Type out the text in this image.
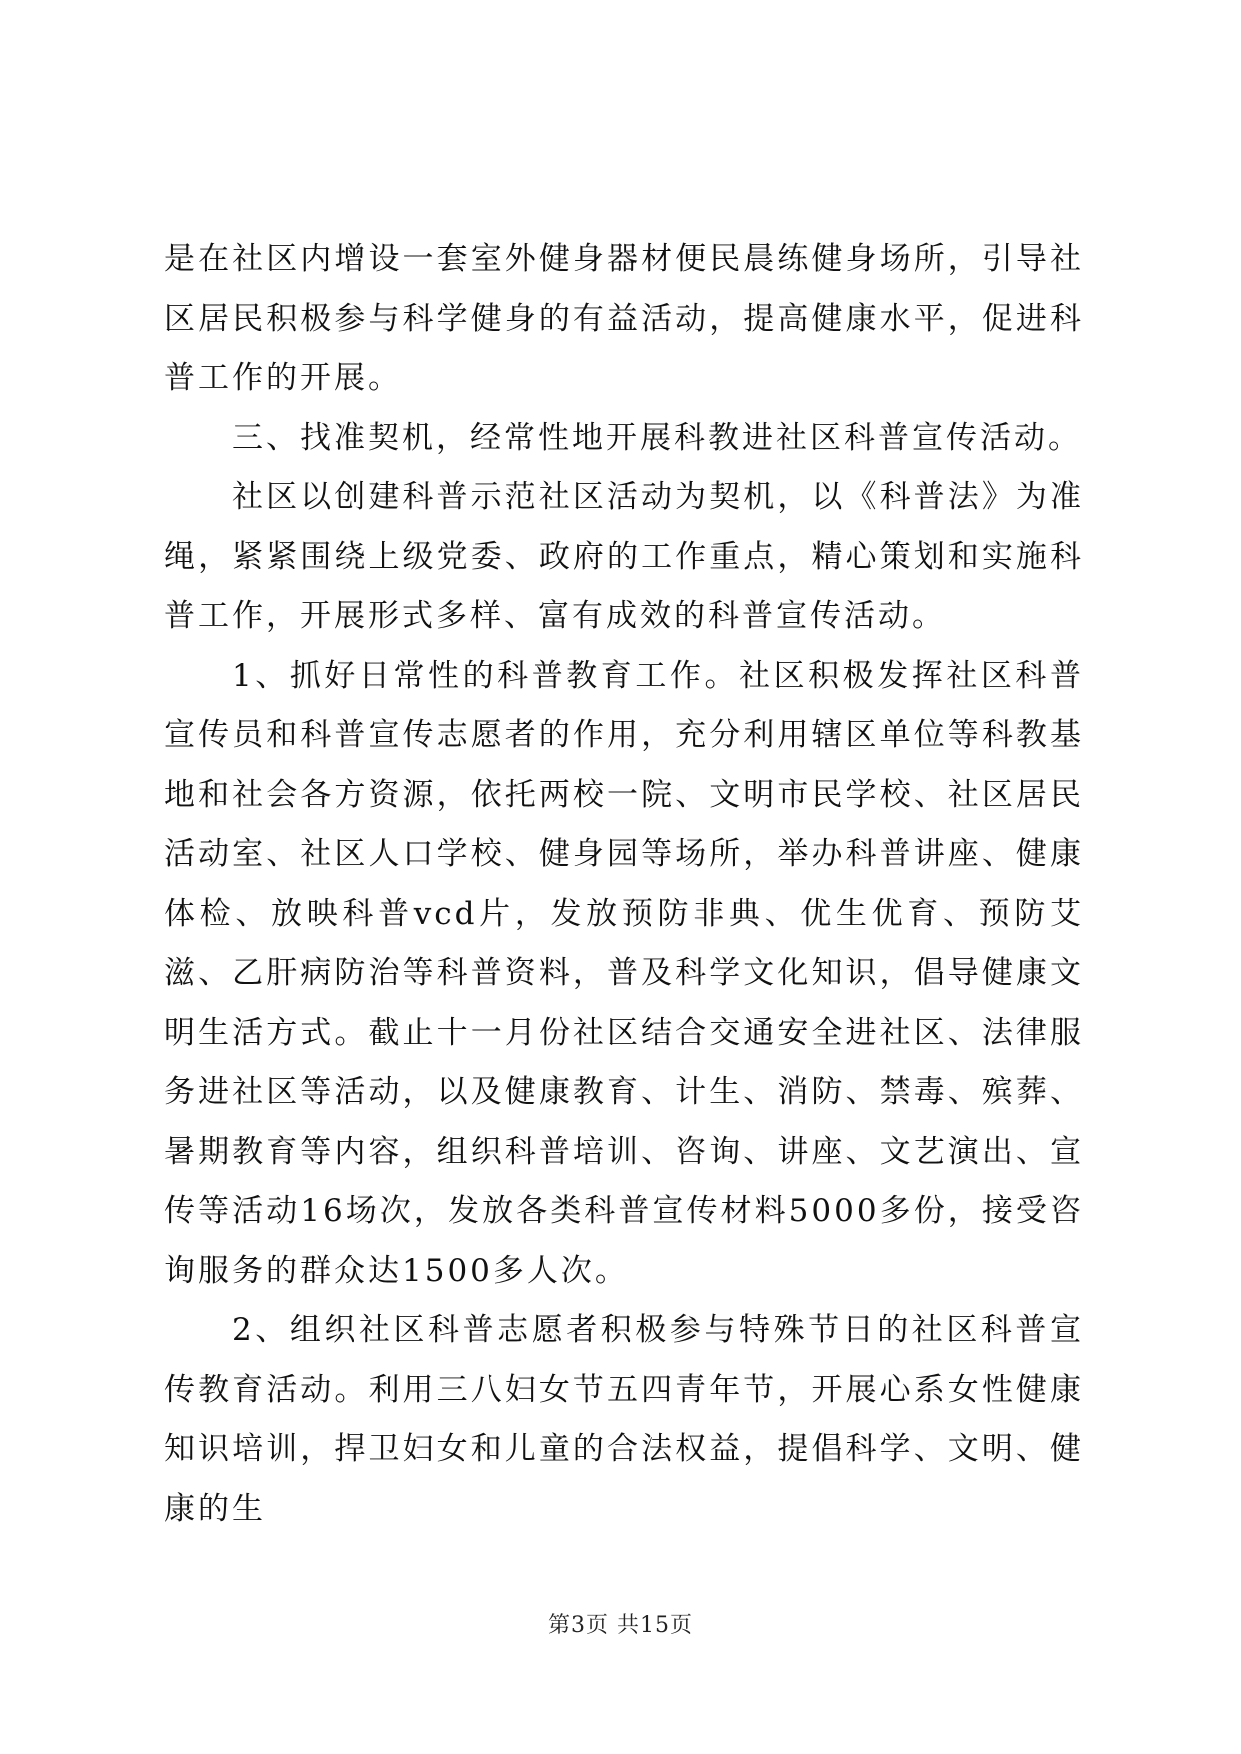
是在社区内增设一套室外健身器材便民晨练健身场所，引导社区居民积极参与科学健身的有益活动，提高健康水平，促进科普工作的开展。

三、找准契机，经常性地开展科教进社区科普宣传活动。

社区以创建科普示范社区活动为契机，以《科普法》为准绳，紧紧围绕上级党委、政府的工作重点，精心策划和实施科普工作，开展形式多样、富有成效的科普宣传活动。

1、抓好日常性的科普教育工作。社区积极发挥社区科普宣传员和科普宣传志愿者的作用，充分利用辖区单位等科教基地和社会各方资源，依托两校一院、文明市民学校、社区居民活动室、社区人口学校、健身园等场所，举办科普讲座、健康体检、放映科普vcd片，发放预防非典、优生优育、预防艾滋、乙肝病防治等科普资料，普及科学文化知识，倡导健康文明生活方式。截止十一月份社区结合交通安全进社区、法律服务进社区等活动，以及健康教育、计生、消防、禁毒、殡葬、暑期教育等内容，组织科普培训、咨询、讲座、文艺演出、宣传等活动16场次，发放各类科普宣传材料5000多份，接受咨询服务的群众达1500多人次。

2、组织社区科普志愿者积极参与特殊节日的社区科普宣传教育活动。利用三八妇女节五四青年节，开展心系女性健康知识培训，捍卫妇女和儿童的合法权益，提倡科学、文明、健康的生

第3页 共15页
